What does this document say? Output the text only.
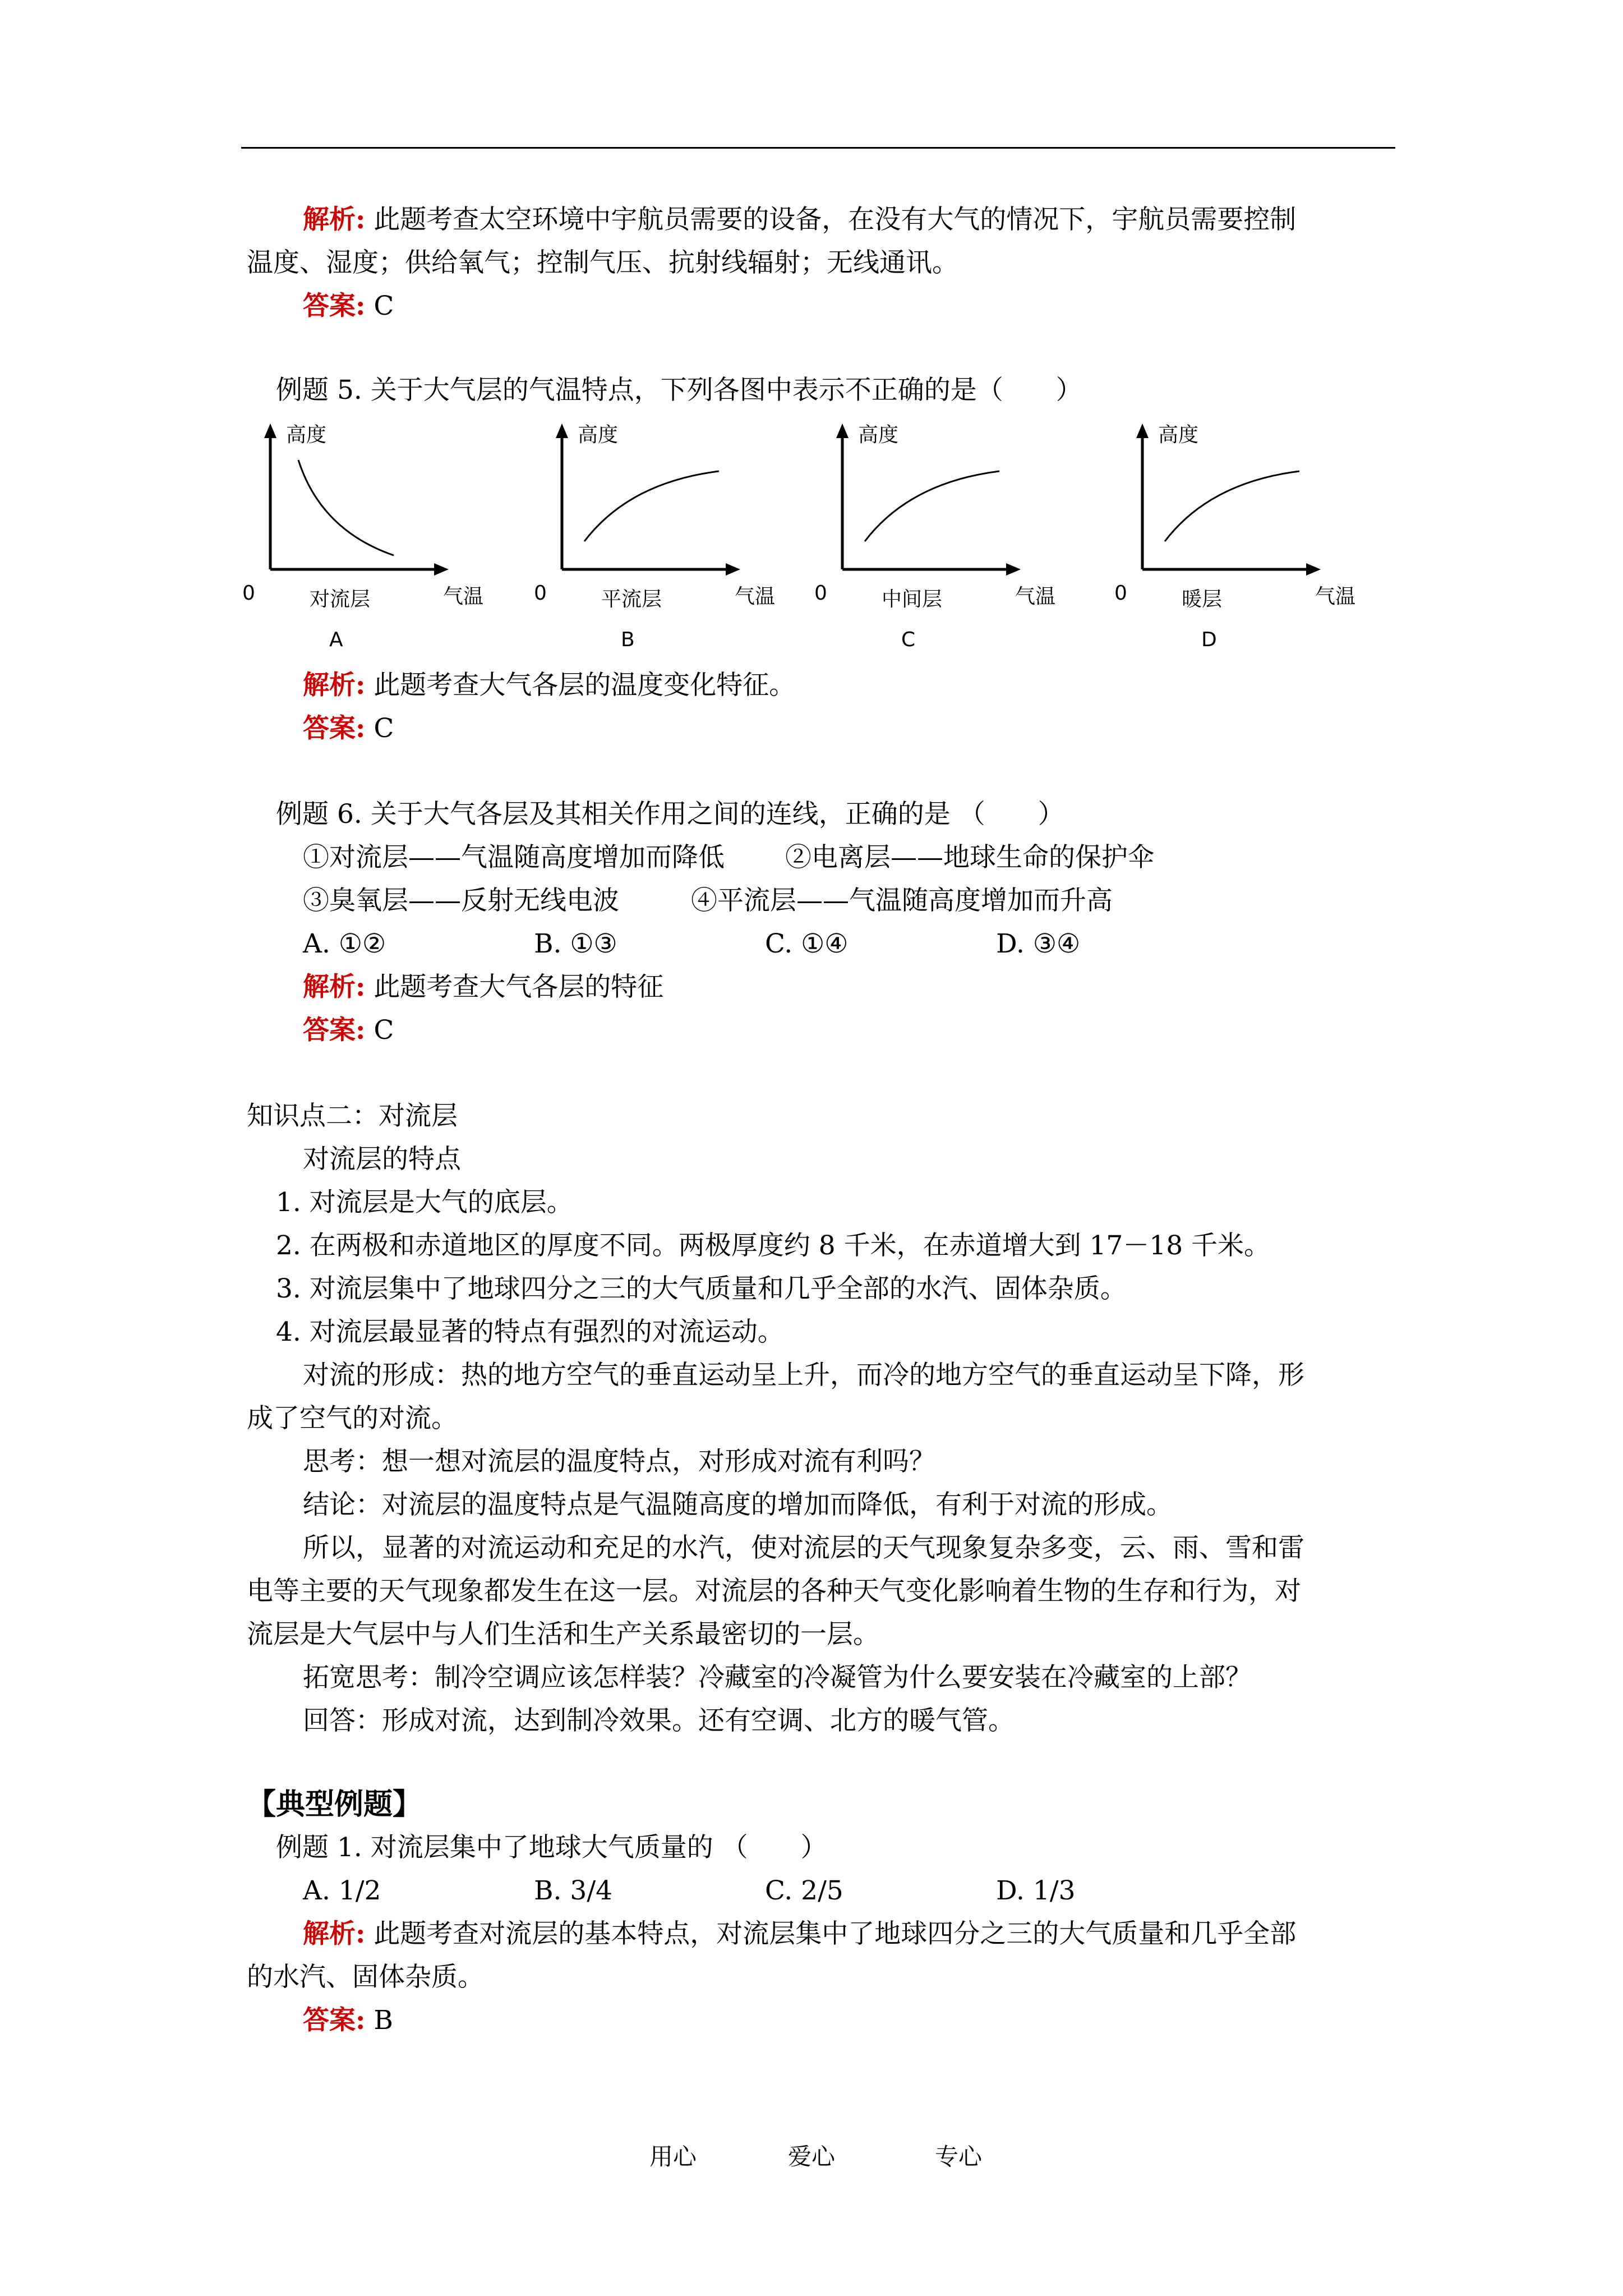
解析: 此题考查太空环境中宇航员需要的设备，在没有大气的情况下，宇航员需要控制
温度、湿度；供给氧气；控制气压、抗射线辐射；无线通讯。
答案: C
例题 5. 关于大气层的气温特点，下列各图中表示不正确的是（　　）
高度
0	对流层	气温
A
高度
0	平流层	气温
B
高度
0	中间层	气温
C
高度
0	暖层	气温
D
解析: 此题考查大气各层的温度变化特征。
答案: C
例题 6. 关于大气各层及其相关作用之间的连线，正确的是 （　　）
①对流层——气温随高度增加而降低 ②电离层——地球生命的保护伞
③臭氧层——反射无线电波	④平流层——气温随高度增加而升高
A. ①②	B. ①③	C. ①④	D. ③④
解析: 此题考查大气各层的特征
答案: C
知识点二：对流层
对流层的特点
1. 对流层是大气的底层。
2. 在两极和赤道地区的厚度不同。两极厚度约 8 千米，在赤道增大到 17－18 千米。
3. 对流层集中了地球四分之三的大气质量和几乎全部的水汽、固体杂质。
4. 对流层最显著的特点有强烈的对流运动。
对流的形成：热的地方空气的垂直运动呈上升，而冷的地方空气的垂直运动呈下降，形
成了空气的对流。
思考：想一想对流层的温度特点，对形成对流有利吗？
结论：对流层的温度特点是气温随高度的增加而降低，有利于对流的形成。
所以，显著的对流运动和充足的水汽，使对流层的天气现象复杂多变，云、雨、雪和雷
电等主要的天气现象都发生在这一层。对流层的各种天气变化影响着生物的生存和行为，对
流层是大气层中与人们生活和生产关系最密切的一层。
拓宽思考：制冷空调应该怎样装？冷藏室的冷凝管为什么要安装在冷藏室的上部？
回答：形成对流，达到制冷效果。还有空调、北方的暖气管。
【典型例题】
例题 1. 对流层集中了地球大气质量的 （　　）
A. 1/2	B. 3/4	C. 2/5	D. 1/3
解析: 此题考查对流层的基本特点，对流层集中了地球四分之三的大气质量和几乎全部
的水汽、固体杂质。
答案: B
用心	爱心	专心
